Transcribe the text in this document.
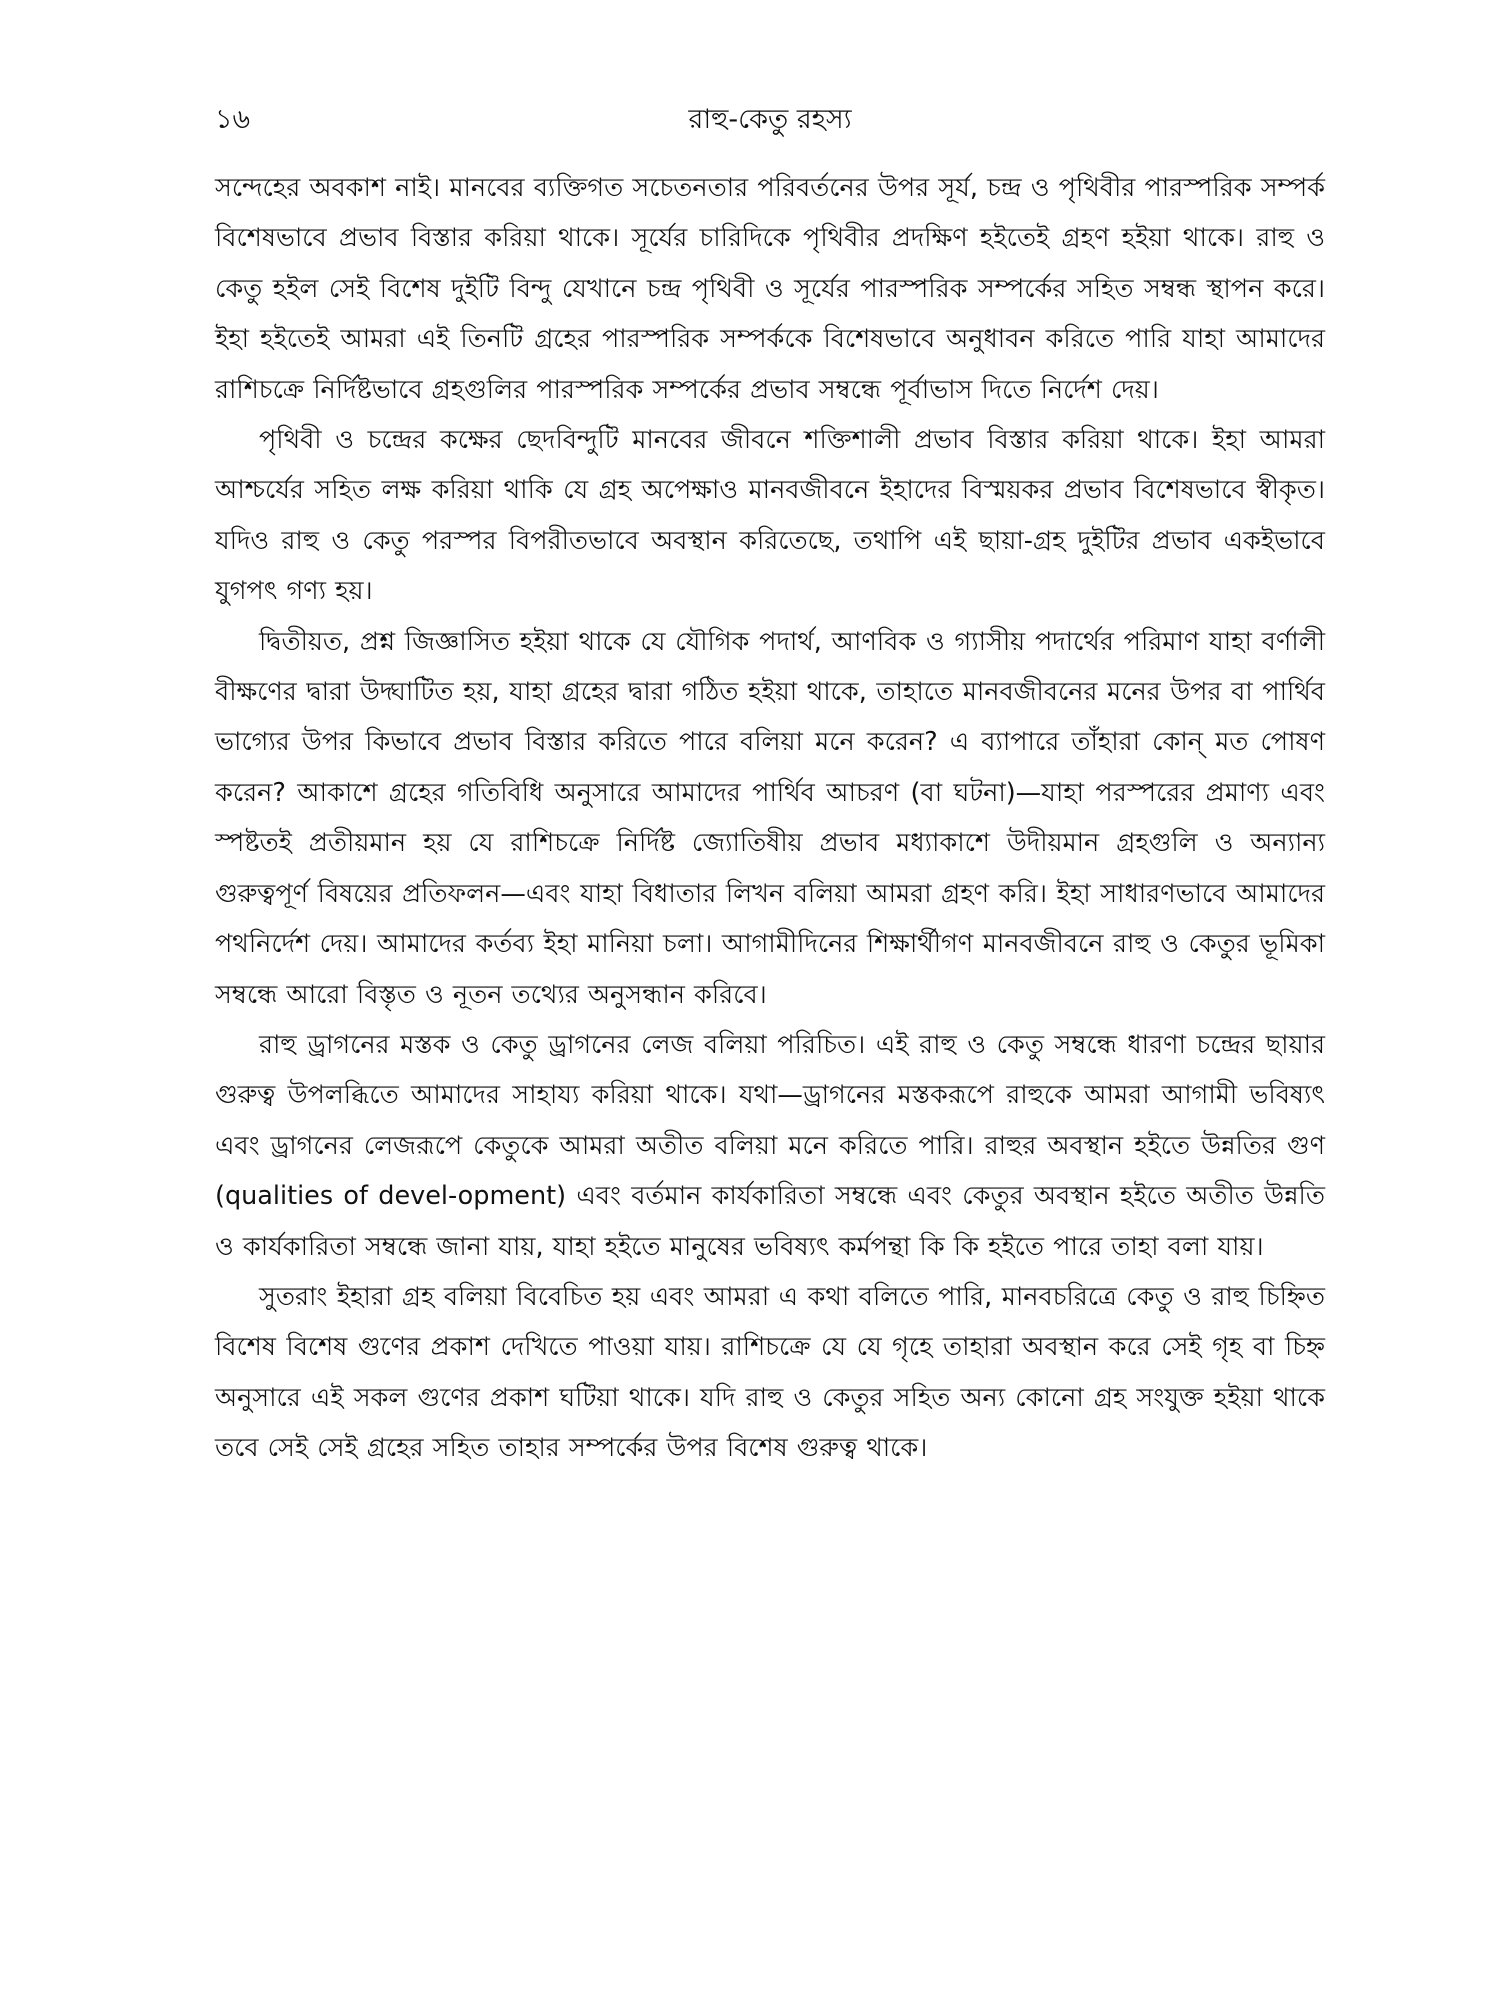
১৬	রাহু-কেতু রহস্য

সন্দেহের অবকাশ নাই। মানবের ব্যক্তিগত সচেতনতার পরিবর্তনের উপর সূর্য, চন্দ্র ও পৃথিবীর পারস্পরিক সম্পর্ক বিশেষভাবে প্রভাব বিস্তার করিয়া থাকে। সূর্যের চারিদিকে পৃথিবীর প্রদক্ষিণ হইতেই গ্রহণ হইয়া থাকে। রাহু ও কেতু হইল সেই বিশেষ দুইটি বিন্দু যেখানে চন্দ্র পৃথিবী ও সূর্যের পারস্পরিক সম্পর্কের সহিত সম্বন্ধ স্থাপন করে। ইহা হইতেই আমরা এই তিনটি গ্রহের পারস্পরিক সম্পর্ককে বিশেষভাবে অনুধাবন করিতে পারি যাহা আমাদের রাশিচক্রে নির্দিষ্টভাবে গ্রহগুলির পারস্পরিক সম্পর্কের প্রভাব সম্বন্ধে পূর্বাভাস দিতে নির্দেশ দেয়।

পৃথিবী ও চন্দ্রের কক্ষের ছেদবিন্দুটি মানবের জীবনে শক্তিশালী প্রভাব বিস্তার করিয়া থাকে। ইহা আমরা আশ্চর্যের সহিত লক্ষ করিয়া থাকি যে গ্রহ অপেক্ষাও মানবজীবনে ইহাদের বিস্ময়কর প্রভাব বিশেষভাবে স্বীকৃত। যদিও রাহু ও কেতু পরস্পর বিপরীতভাবে অবস্থান করিতেছে, তথাপি এই ছায়া-গ্রহ দুইটির প্রভাব একইভাবে যুগপৎ গণ্য হয়।

দ্বিতীয়ত, প্রশ্ন জিজ্ঞাসিত হইয়া থাকে যে যৌগিক পদার্থ, আণবিক ও গ্যাসীয় পদার্থের পরিমাণ যাহা বর্ণালী বীক্ষণের দ্বারা উদ্ঘাটিত হয়, যাহা গ্রহের দ্বারা গঠিত হইয়া থাকে, তাহাতে মানবজীবনের মনের উপর বা পার্থিব ভাগ্যের উপর কিভাবে প্রভাব বিস্তার করিতে পারে বলিয়া মনে করেন? এ ব্যাপারে তাঁহারা কোন্ মত পোষণ করেন? আকাশে গ্রহের গতিবিধি অনুসারে আমাদের পার্থিব আচরণ (বা ঘটনা)—যাহা পরস্পরের প্রমাণ্য এবং স্পষ্টতই প্রতীয়মান হয় যে রাশিচক্রে নির্দিষ্ট জ্যোতিষীয় প্রভাব মধ্যাকাশে উদীয়মান গ্রহগুলি ও অন্যান্য গুরুত্বপূর্ণ বিষয়ের প্রতিফলন—এবং যাহা বিধাতার লিখন বলিয়া আমরা গ্রহণ করি। ইহা সাধারণভাবে আমাদের পথনির্দেশ দেয়। আমাদের কর্তব্য ইহা মানিয়া চলা। আগামীদিনের শিক্ষার্থীগণ মানবজীবনে রাহু ও কেতুর ভূমিকা সম্বন্ধে আরো বিস্তৃত ও নূতন তথ্যের অনুসন্ধান করিবে।

রাহু ড্রাগনের মস্তক ও কেতু ড্রাগনের লেজ বলিয়া পরিচিত। এই রাহু ও কেতু সম্বন্ধে ধারণা চন্দ্রের ছায়ার গুরুত্ব উপলব্ধিতে আমাদের সাহায্য করিয়া থাকে। যথা—ড্রাগনের মস্তকরূপে রাহুকে আমরা আগামী ভবিষ্যৎ এবং ড্রাগনের লেজরূপে কেতুকে আমরা অতীত বলিয়া মনে করিতে পারি। রাহুর অবস্থান হইতে উন্নতির গুণ (qualities of devel-opment) এবং বর্তমান কার্যকারিতা সম্বন্ধে এবং কেতুর অবস্থান হইতে অতীত উন্নতি ও কার্যকারিতা সম্বন্ধে জানা যায়, যাহা হইতে মানুষের ভবিষ্যৎ কর্মপন্থা কি কি হইতে পারে তাহা বলা যায়।

সুতরাং ইহারা গ্রহ বলিয়া বিবেচিত হয় এবং আমরা এ কথা বলিতে পারি, মানবচরিত্রে কেতু ও রাহু চিহ্নিত বিশেষ বিশেষ গুণের প্রকাশ দেখিতে পাওয়া যায়। রাশিচক্রে যে যে গৃহে তাহারা অবস্থান করে সেই গৃহ বা চিহ্ন অনুসারে এই সকল গুণের প্রকাশ ঘটিয়া থাকে। যদি রাহু ও কেতুর সহিত অন্য কোনো গ্রহ সংযুক্ত হইয়া থাকে তবে সেই সেই গ্রহের সহিত তাহার সম্পর্কের উপর বিশেষ গুরুত্ব থাকে।
